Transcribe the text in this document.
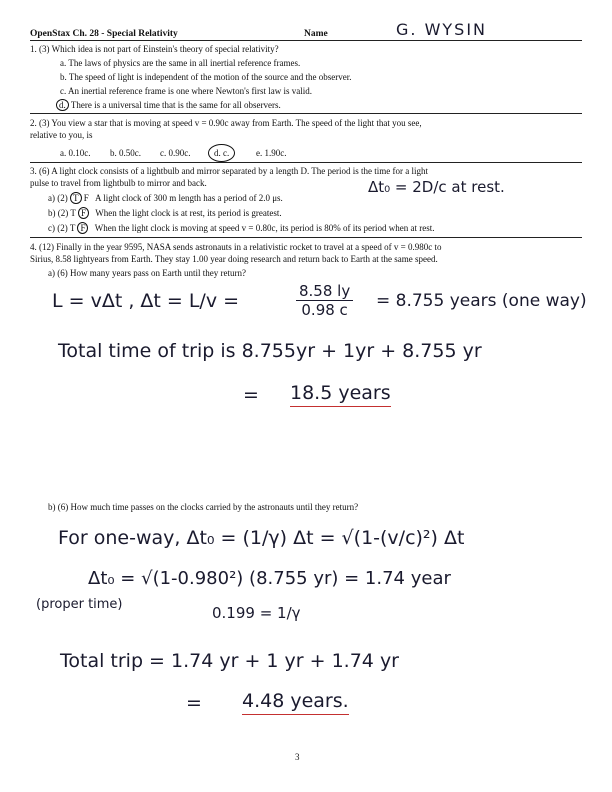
OpenStax Ch. 28 - Special Relativity	Name	G. WYSIN
1. (3) Which idea is not part of Einstein's theory of special relativity?
a. The laws of physics are the same in all inertial reference frames.
b. The speed of light is independent of the motion of the source and the observer.
c. An inertial reference frame is one where Newton's first law is valid.
d. There is a universal time that is the same for all observers.
2. (3) You view a star that is moving at speed v = 0.90c away from Earth. The speed of the light that you see,
relative to you, is
a. 0.10c. b. 0.50c. c. 0.90c.	d. c.	e. 1.90c.
3. (6) A light clock consists of a lightbulb and mirror separated by a length D. The period is the time for a light
pulse to travel from lightbulb to mirror and back.	Δt₀ = 2D/c at rest.
a) (2) T F A light clock of 300 m length has a period of 2.0 μs.
b) (2) T F When the light clock is at rest, its period is greatest.
c) (2) T F When the light clock is moving at speed v = 0.80c, its period is 80% of its period when at rest.
4. (12) Finally in the year 9595, NASA sends astronauts in a relativistic rocket to travel at a speed of v = 0.980c to
Sirius, 8.58 lightyears from Earth. They stay 1.00 year doing research and return back to Earth at the same speed.
a) (6) How many years pass on Earth until they return?
L = vΔt , Δt = L/v =	$\frac{8.58 ly}{0.98 c} = 8.755$ years (one way)
Total time of trip is 8.755yr + 1yr + 8.755 yr
= 18.5 years
b) (6) How much time passes on the clocks carried by the astronauts until they return?
For one-way, Δt₀ = (1/γ) Δt = √(1-(v/c)²) Δt
Δt₀ = √(1-0.980²) (8.755 yr) = 1.74 year
(proper time)	0.199 = 1/γ
Total trip = 1.74 yr + 1 yr + 1.74 yr
= 4.48 years.
3
